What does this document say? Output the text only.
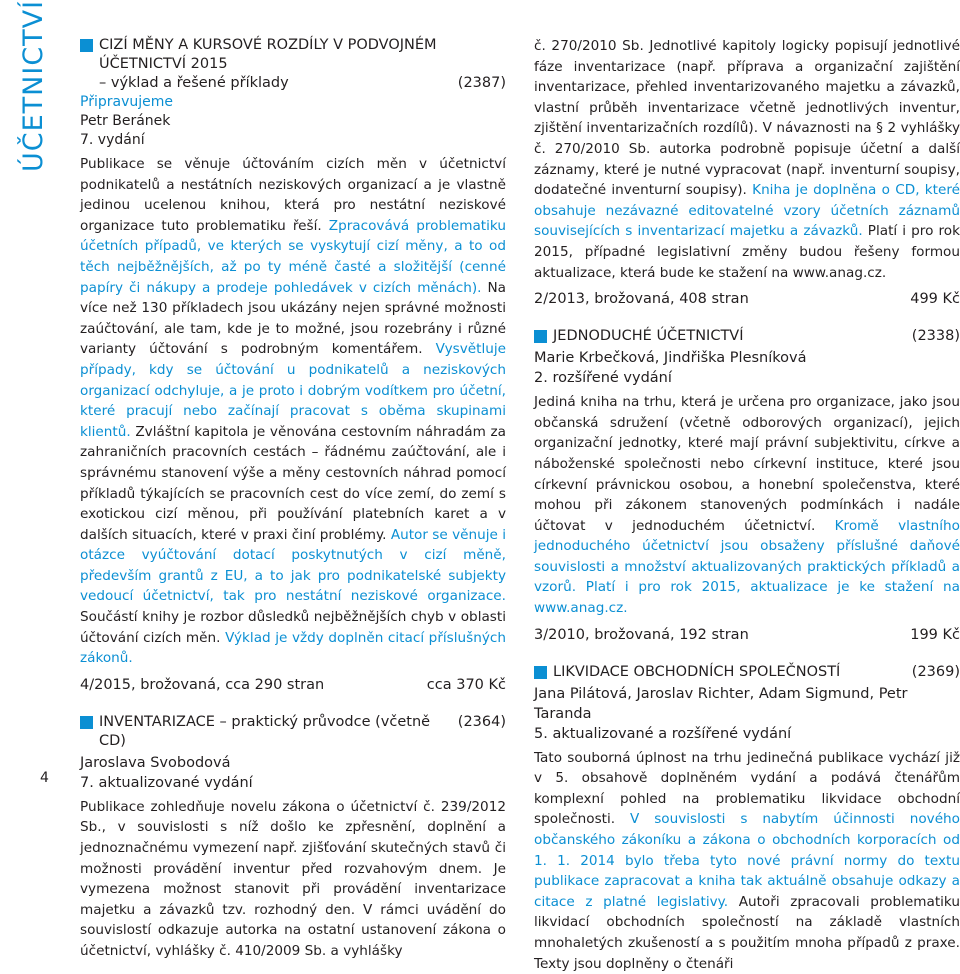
ÚČETNICTVÍ
4
CIZÍ MĚNY A KURSOVÉ ROZDÍLY V PODVOJNÉM ÚČETNICTVÍ 2015
– výklad a řešené příklady	(2387)
Připravujeme
Petr Beránek
7. vydání
Publikace se věnuje účtováním cizích měn v účetnictví podnikatelů a nestátních neziskových organizací a je vlastně jedinou ucelenou knihou, která pro nestátní neziskové organizace tuto problematiku řeší. Zpracovává problematiku účetních případů, ve kterých se vyskytují cizí měny, a to od těch nejběžnějších, až po ty méně časté a složitější (cenné papíry či nákupy a prodeje pohledávek v cizích měnách). Na více než 130 příkladech jsou ukázány nejen správné možnosti zaúčtování, ale tam, kde je to možné, jsou rozebrány i různé varianty účtování s podrobným komentářem. Vysvětluje případy, kdy se účtování u podnikatelů a neziskových organizací odchyluje, a je proto i dobrým vodítkem pro účetní, které pracují nebo začínají pracovat s oběma skupinami klientů. Zvláštní kapitola je věnována cestovním náhradám za zahraničních pracovních cestách – řádnému zaúčtování, ale i správnému stanovení výše a měny cestovních náhrad pomocí příkladů týkajících se pracovních cest do více zemí, do zemí s exotickou cizí měnou, při používání platebních karet a v dalších situacích, které v praxi činí problémy. Autor se věnuje i otázce vyúčtování dotací poskytnutých v cizí měně, především grantů z EU, a to jak pro podnikatelské subjekty vedoucí účetnictví, tak pro nestátní neziskové organizace. Součástí knihy je rozbor důsledků nejběžnějších chyb v oblasti účtování cizích měn. Výklad je vždy doplněn citací příslušných zákonů.
4/2015, brožovaná, cca 290 stran	cca 370 Kč
INVENTARIZACE – praktický průvodce (včetně CD)
(2364)
Jaroslava Svobodová
7. aktualizované vydání
Publikace zohledňuje novelu zákona o účetnictví č. 239/2012 Sb., v souvislosti s níž došlo ke zpřesnění, doplnění a jednoznačnému vymezení např. zjišťování skutečných stavů či možnosti provádění inventur před rozvahovým dnem. Je vymezena možnost stanovit při provádění inventarizace majetku a závazků tzv. rozhodný den. V rámci uvádění do souvislostí odkazuje autorka na ostatní ustanovení zákona o účetnictví, vyhlášky č. 410/2009 Sb. a vyhlášky
č. 270/2010 Sb. Jednotlivé kapitoly logicky popisují jednotlivé fáze inventarizace (např. příprava a organizační zajištění inventarizace, přehled inventarizovaného majetku a závazků, vlastní průběh inventarizace včetně jednotlivých inventur, zjištění inventarizačních rozdílů). V návaznosti na § 2 vyhlášky č. 270/2010 Sb. autorka podrobně popisuje účetní a další záznamy, které je nutné vypracovat (např. inventurní soupisy, dodatečné inventurní soupisy). Kniha je doplněna o CD, které obsahuje nezávazné editovatelné vzory účetních záznamů souvisejících s inventarizací majetku a závazků. Platí i pro rok 2015, případné legislativní změny budou řešeny formou aktualizace, která bude ke stažení na www.anag.cz.
2/2013, brožovaná, 408 stran	499 Kč
JEDNODUCHÉ ÚČETNICTVÍ	(2338)
Marie Krbečková, Jindřiška Plesníková
2. rozšířené vydání
Jediná kniha na trhu, která je určena pro organizace, jako jsou občanská sdružení (včetně odborových organizací), jejich organizační jednotky, které mají právní subjektivitu, církve a náboženské společnosti nebo církevní instituce, které jsou církevní právnickou osobou, a honební společenstva, které mohou při zákonem stanovených podmínkách i nadále účtovat v jednoduchém účetnictví. Kromě vlastního jednoduchého účetnictví jsou obsaženy příslušné daňové souvislosti a množství aktualizovaných praktických příkladů a vzorů. Platí i pro rok 2015, aktualizace je ke stažení na www.anag.cz.
3/2010, brožovaná, 192 stran	199 Kč
LIKVIDACE OBCHODNÍCH SPOLEČNOSTÍ	(2369)
Jana Pilátová, Jaroslav Richter, Adam Sigmund, Petr Taranda
5. aktualizované a rozšířené vydání
Tato souborná úplnost na trhu jedinečná publikace vychází již v 5. obsahově doplněném vydání a podává čtenářům komplexní pohled na problematiku likvidace obchodní společnosti. V souvislosti s nabytím účinnosti nového občanského zákoníku a zákona o obchodních korporacích od 1. 1. 2014 bylo třeba tyto nové právní normy do textu publikace zapracovat a kniha tak aktuálně obsahuje odkazy a citace z platné legislativy. Autoři zpracovali problematiku likvidací obchodních společností na základě vlastních mnohaletých zkušeností a s použitím mnoha případů z praxe. Texty jsou doplněny o čtenáři
